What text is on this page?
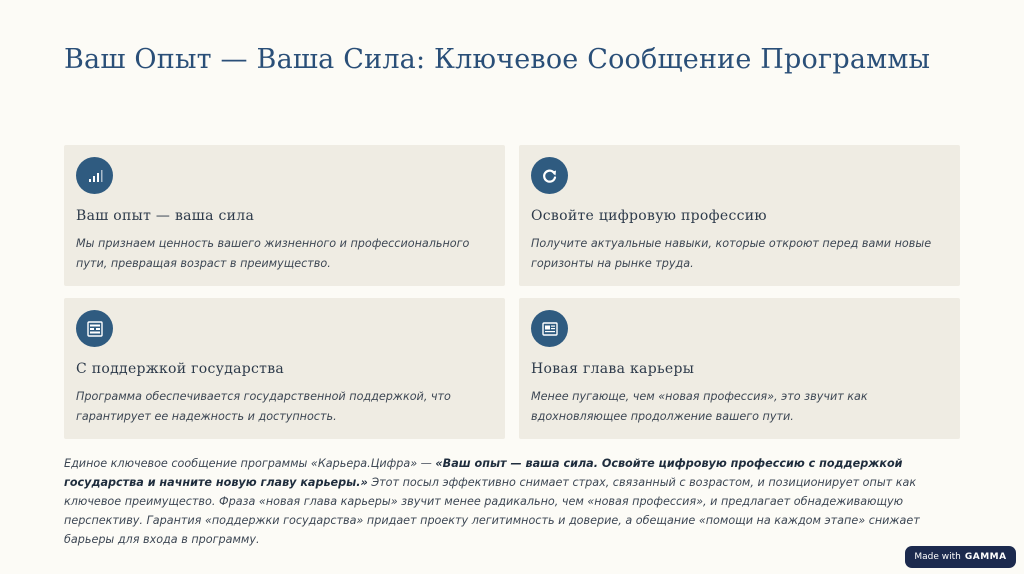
Ваш Опыт — Ваша Сила: Ключевое Сообщение Программы
Ваш опыт — ваша сила
Мы признаем ценность вашего жизненного и профессионального пути, превращая возраст в преимущество.
Освойте цифровую профессию
Получите актуальные навыки, которые откроют перед вами новые горизонты на рынке труда.
С поддержкой государства
Программа обеспечивается государственной поддержкой, что гарантирует ее надежность и доступность.
Новая глава карьеры
Менее пугающе, чем «новая профессия», это звучит как вдохновляющее продолжение вашего пути.
Единое ключевое сообщение программы «Карьера.Цифра» — «Ваш опыт — ваша сила. Освойте цифровую профессию с поддержкой государства и начните новую главу карьеры.» Этот посыл эффективно снимает страх, связанный с возрастом, и позиционирует опыт как ключевое преимущество. Фраза «новая глава карьеры» звучит менее радикально, чем «новая профессия», и предлагает обнадеживающую перспективу. Гарантия «поддержки государства» придает проекту легитимность и доверие, а обещание «помощи на каждом этапе» снижает барьеры для входа в программу.
Made with GAMMA
